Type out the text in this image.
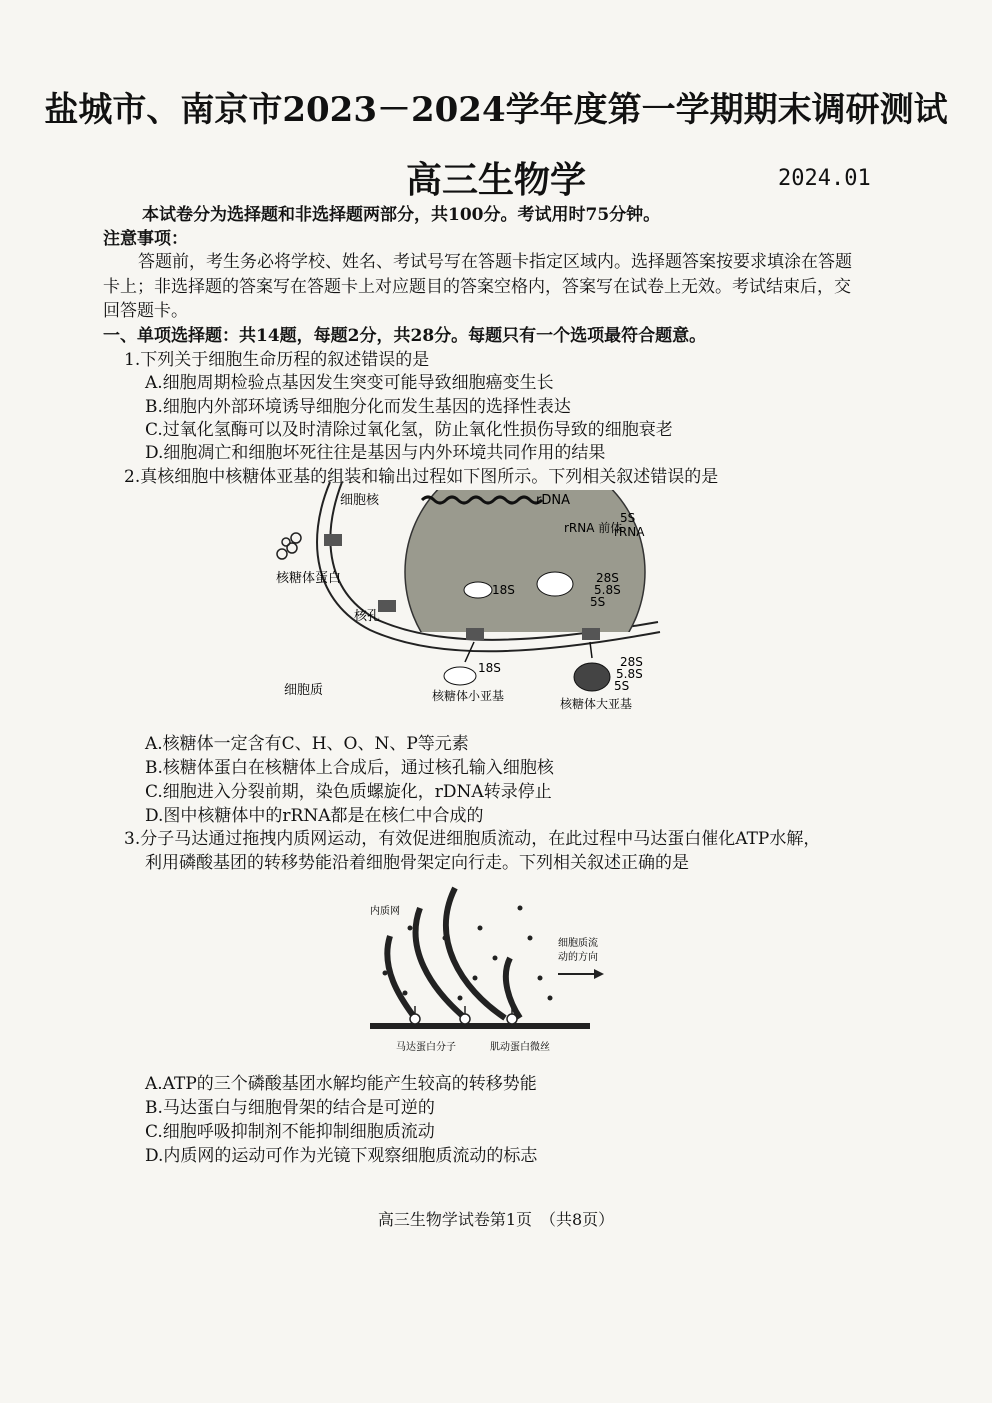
盐城市、南京市2023－2024学年度第一学期期末调研测试
高三生物学	2024.01
本试卷分为选择题和非选择题两部分，共100分。考试用时75分钟。
注意事项：
答题前，考生务必将学校、姓名、考试号写在答题卡指定区域内。选择题答案按要求填涂在答题
卡上；非选择题的答案写在答题卡上对应题目的答案空格内，答案写在试卷上无效。考试结束后，交
回答题卡。
一、单项选择题：共14题，每题2分，共28分。每题只有一个选项最符合题意。
1.下列关于细胞生命历程的叙述错误的是
A.细胞周期检验点基因发生突变可能导致细胞癌变生长
B.细胞内外部环境诱导细胞分化而发生基因的选择性表达
C.过氧化氢酶可以及时清除过氧化氢，防止氧化性损伤导致的细胞衰老
D.细胞凋亡和细胞坏死往往是基因与内外环境共同作用的结果
2.真核细胞中核糖体亚基的组装和输出过程如下图所示。下列相关叙述错误的是
细胞核	rDNA
rRNA 前体
5S
rRNA
核糖体蛋白
18S
28S
5.8S
5S
核孔
18S	28S
5.8S
5S
细胞质	核糖体小亚基
核糖体大亚基
A.核糖体一定含有C、H、O、N、P等元素
B.核糖体蛋白在核糖体上合成后，通过核孔输入细胞核
C.细胞进入分裂前期，染色质螺旋化，rDNA转录停止
D.图中核糖体中的rRNA都是在核仁中合成的
3.分子马达通过拖拽内质网运动，有效促进细胞质流动，在此过程中马达蛋白催化ATP水解，
利用磷酸基团的转移势能沿着细胞骨架定向行走。下列相关叙述正确的是
内质网
细胞质流
动的方向
马达蛋白分子	肌动蛋白微丝
A.ATP的三个磷酸基团水解均能产生较高的转移势能
B.马达蛋白与细胞骨架的结合是可逆的
C.细胞呼吸抑制剂不能抑制细胞质流动
D.内质网的运动可作为光镜下观察细胞质流动的标志
高三生物学试卷第1页　（共8页）
